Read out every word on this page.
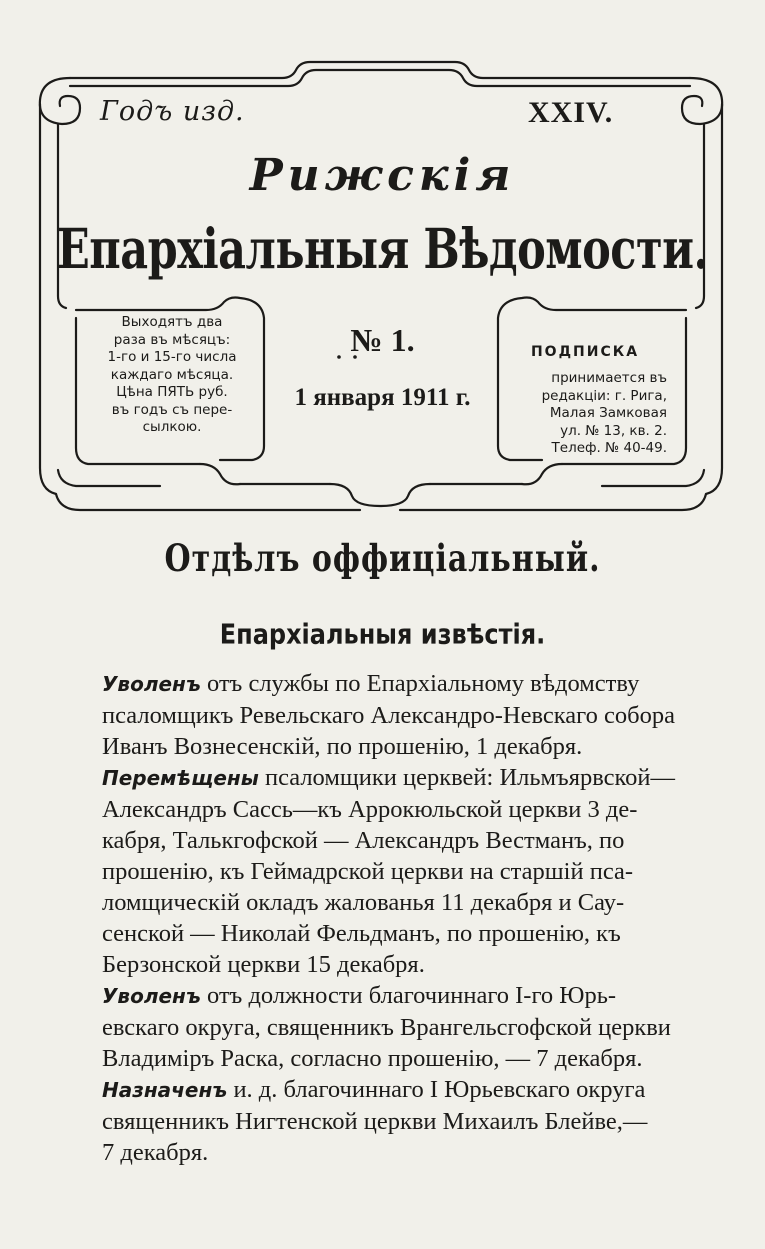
Годъ изд.	XXIV.
Рижскія
Епархіальныя Вѣдомости.
Выходятъ два
раза въ мѣсяцъ:
1-го и 15-го числа
каждаго мѣсяца.
Цѣна ПЯТЬ руб.
въ годъ съ пере-
сылкою.
№ 1.
1 января 1911 г.
ПОДПИСКА
принимается въ
редакціи: г. Рига,
Малая Замковая
ул. № 13, кв. 2.
Телеф. № 40-49.
Отдѣлъ оффиціальный.
Епархіальныя извѣстія.

Уволенъ отъ службы по Епархіальному вѣдомству
псаломщикъ Ревельскаго Александро-Невскаго собора
Иванъ Вознесенскій, по прошенію, 1 декабря.

Перемѣщены псаломщики церквей: Ильмъярвской—
Александръ Сассь—къ Аррокюльской церкви 3 де-
кабря, Талькгофской — Александръ Вестманъ, по
прошенію, къ Геймадрской церкви на старшій пса-
ломщическій окладъ жалованья 11 декабря и Сау-
сенской — Николай Фельдманъ, по прошенію, къ
Берзонской церкви 15 декабря.

Уволенъ отъ должности благочиннаго І-го Юрь-
евскаго округа, священникъ Врангельсгофской церкви
Владиміръ Раска, согласно прошенію, — 7 декабря.

Назначенъ и. д. благочиннаго І Юрьевскаго округа
священникъ Нигтенской церкви Михаилъ Блейве,—
7 декабря.
